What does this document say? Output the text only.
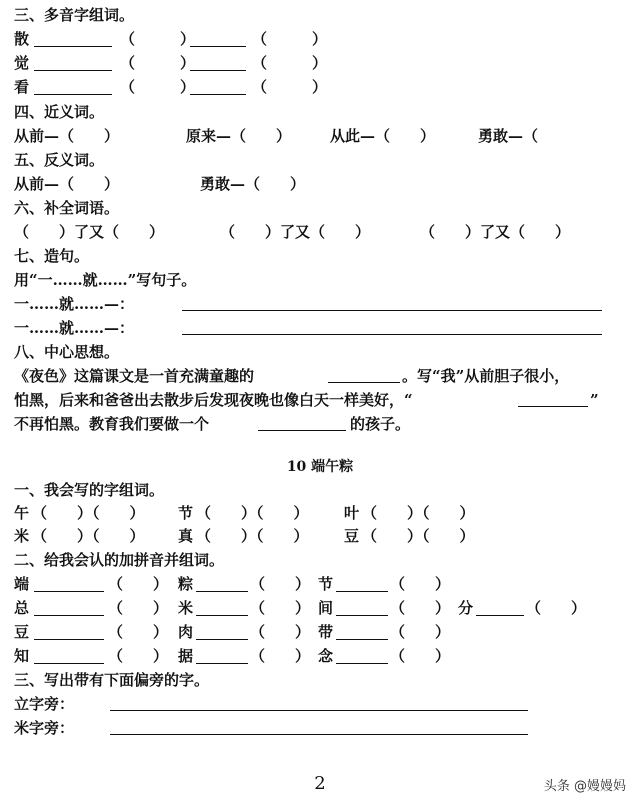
三、多音字组词。
散	（　　　）	（　　　）
觉	（　　　）	（　　　）
看	（　　　）	（　　　）
四、近义词。
从前—（　　）	原来—（　　）	从此—（　　）	勇敢—（
五、反义词。
从前—（　　）	勇敢—（　　）
六、补全词语。
（　　）了又（　　）	（　　）了又（　　）	（　　）了又（　　）
七、造句。
用“一……就……”写句子。
一……就……—：
一……就……—：
八、中心思想。
《夜色》这篇课文是一首充满童趣的	。写“我”从前胆子很小，
怕黑，后来和爸爸出去散步后发现夜晚也像白天一样美好，“	”
不再怕黑。教育我们要做一个	的孩子。
10 端午粽
一、我会写的字组词。
午 （　　）（　　） 节 （　　）（　　） 叶 （　　）（　　）
米 （　　）（　　） 真 （　　）（　　） 豆 （　　）（　　）
二、给我会认的加拼音并组词。
端	（　　） 粽	（　　） 节	（　　）
总	（　　） 米	（　　） 间	（　　） 分	（　　）
豆	（　　） 肉	（　　） 带	（　　）
知	（　　） 据	（　　） 念	（　　）
三、写出带有下面偏旁的字。
立字旁：
米字旁：
2	头条 @嫚嫚妈
